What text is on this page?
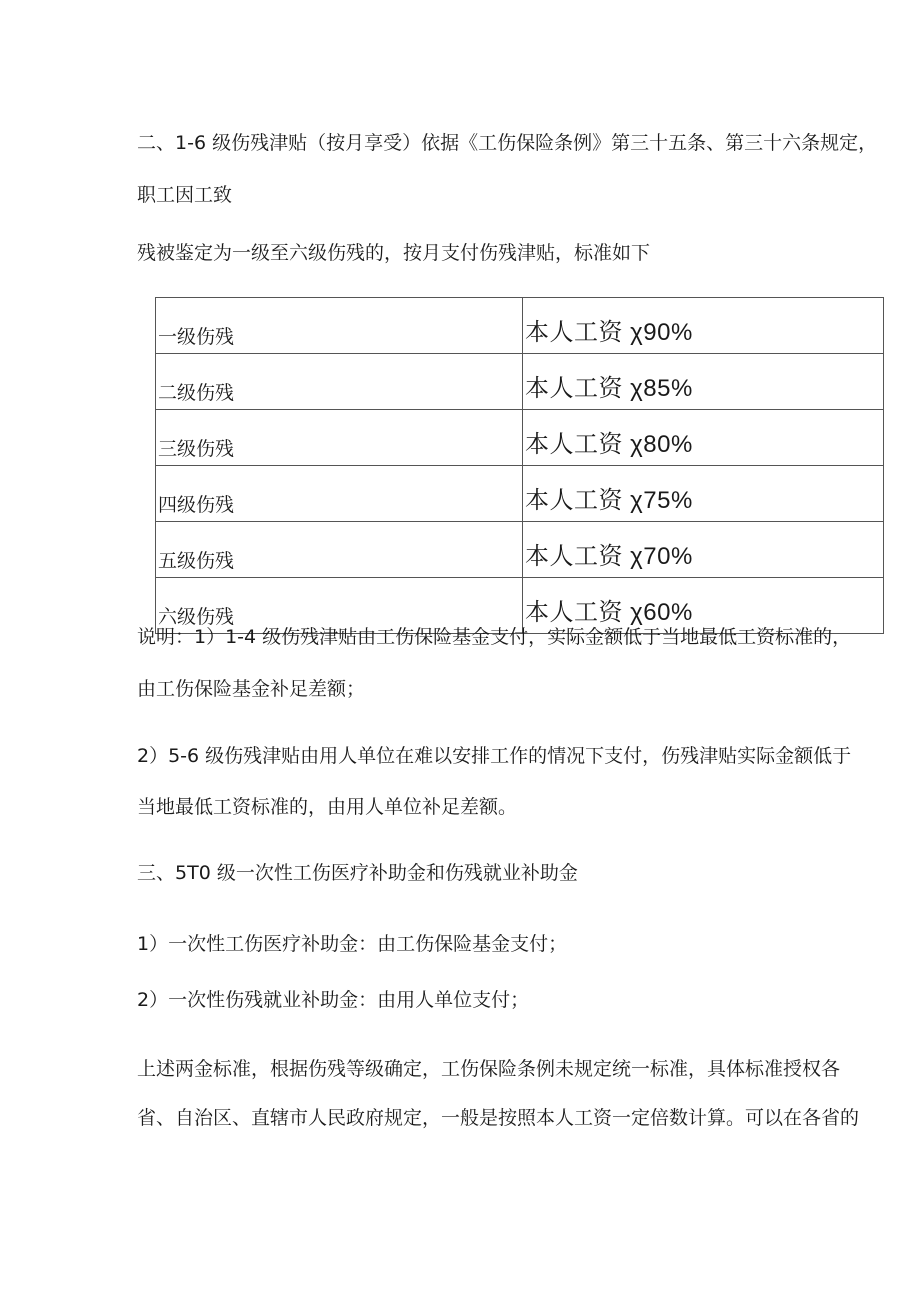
二、1-6 级伤残津贴（按月享受）依据《工伤保险条例》第三十五条、第三十六条规定，
职工因工致
残被鉴定为一级至六级伤残的，按月支付伤残津贴，标准如下
一级伤残	本人工资 χ90%
二级伤残	本人工资 χ85%
三级伤残	本人工资 χ80%
四级伤残	本人工资 χ75%
五级伤残	本人工资 χ70%
六级伤残	本人工资 χ60%
说明：1）1-4 级伤残津贴由工伤保险基金支付，实际金额低于当地最低工资标准的，
由工伤保险基金补足差额；
2）5-6 级伤残津贴由用人单位在难以安排工作的情况下支付，伤残津贴实际金额低于
当地最低工资标准的，由用人单位补足差额。
三、5T0 级一次性工伤医疗补助金和伤残就业补助金
1）一次性工伤医疗补助金：由工伤保险基金支付；
2）一次性伤残就业补助金：由用人单位支付；
上述两金标准，根据伤残等级确定，工伤保险条例未规定统一标准，具体标准授权各
省、自治区、直辖市人民政府规定，一般是按照本人工资一定倍数计算。可以在各省的
